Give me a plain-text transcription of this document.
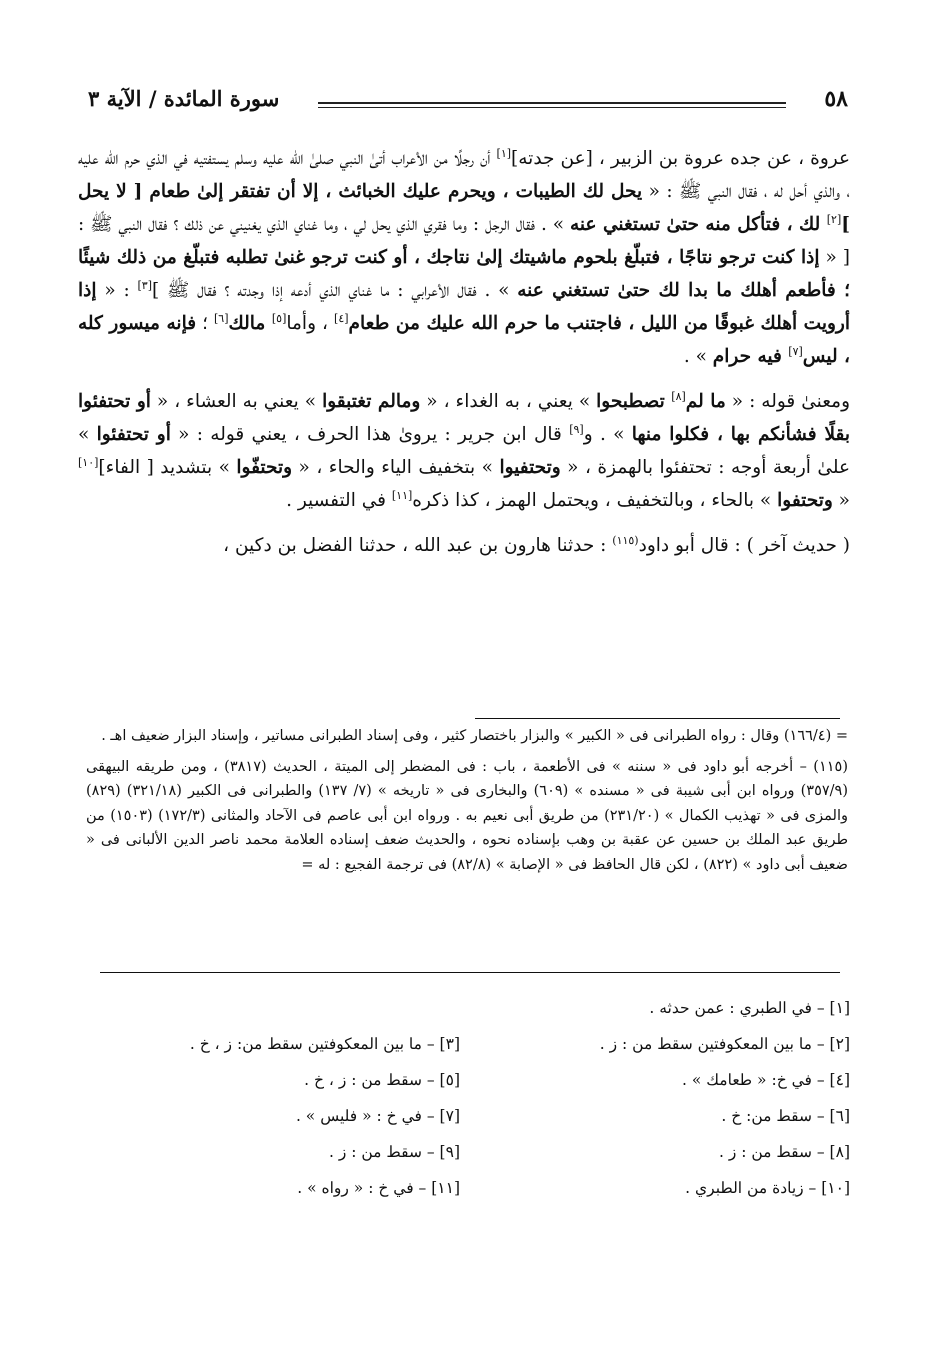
٥٨
سورة المائدة / الآية ٣

عروة ، عن جده عروة بن الزبير ، [عن جدته][١] أن رجلًا من الأعراب أتىٰ النبي صلىٰ الله عليه وسلم يستفتيه في الذي حرم الله عليه ، والذي أحل له ، فقال النبي ﷺ : « يحل لك الطيبات ، ويحرم عليك الخبائث ، إلا أن تفتقر إلىٰ طعام [ لا يحل ][٢] لك ، فتأكل منه حتىٰ تستغني عنه » . فقال الرجل : وما فقري الذي يحل لي ، وما غناي الذي يغنيني عن ذلك ؟ فقال النبي ﷺ : [ « إذا كنت ترجو نتاجًا ، فتبلّغ بلحوم ماشيتك إلىٰ نتاجك ، أو كنت ترجو غنىٰ تطلبه فتبلّغ من ذلك شيئًا ؛ فأطعم أهلك ما بدا لك حتىٰ تستغني عنه » . فقال الأعرابي : ما غناي الذي أدعه إذا وجدته ؟ فقال ﷺ ][٣] : « إذا أرويت أهلك غبوقًا من الليل ، فاجتنب ما حرم الله عليك من طعام[٤] ، وأما[٥] مالك[٦] ؛ فإنه ميسور كله ، ليس[٧] فيه حرام » .

ومعنىٰ قوله : « ما لم[٨] تصطبحوا » يعني ، به الغداء ، « ومالم تغتبقوا » يعني به العشاء ، « أو تحتفئوا بقلًا فشأنكم بها ، فكلوا منها » . و[٩] قال ابن جرير : يروىٰ هذا الحرف ، يعني قوله : « أو تحتفئوا » علىٰ أربعة أوجه : تحتفئوا بالهمزة ، « وتحتفيوا » بتخفيف الياء والحاء ، « وتحتفّوا » بتشديد [ الفاء][١٠] « وتحتفوا » بالحاء ، وبالتخفيف ، ويحتمل الهمز ، كذا ذكره[١١] في التفسير .

( حديث آخر ) : قال أبو داود$^{(١١٥)}$ : حدثنا هارون بن عبد الله ، حدثنا الفضل بن دكين ،

= (١٦٦/٤) وقال : رواه الطبرانى فى « الكبير » والبزار باختصار كثير ، وفى إسناد الطبرانى مساتير ، وإسناد البزار ضعيف اهـ .

(١١٥) – أخرجه أبو داود فى « سننه » فى الأطعمة ، باب : فى المضطر إلى الميتة ، الحديث (٣٨١٧) ، ومن طريقه البيهقى (٣٥٧/٩) ورواه ابن أبى شيبة فى « مسنده » (٦٠٩) والبخارى فى « تاريخه » (٧/ ١٣٧) والطبرانى فى الكبير (٣٢١/١٨) (٨٢٩) والمزى فى « تهذيب الكمال » (٢٣١/٢٠) من طريق أبى نعيم به . ورواه ابن أبى عاصم فى الآحاد والمثانى (١٧٢/٣) (١٥٠٣) من طريق عبد الملك بن حسين عن عقبة بن وهب بإسناده نحوه ، والحديث ضعف إسناده العلامة محمد ناصر الدين الألبانى فى « ضعيف أبى داود » (٨٢٢) ، لكن قال الحافظ فى « الإصابة » (٨٢/٨) فى ترجمة الفجيع : له =

[١] – في الطبري : عمن حدثه .
[٢] – ما بين المعكوفتين سقط من : ز .
[٣] – ما بين المعكوفتين سقط من: ز ، خ .
[٤] – في خ: « طعامك » .
[٥] – سقط من : ز ، خ .
[٦] – سقط من: خ .
[٧] – في خ : « فليس » .
[٨] – سقط من : ز .
[٩] – سقط من : ز .
[١٠] – زيادة من الطبري .
[١١] – في خ : « رواه » .
